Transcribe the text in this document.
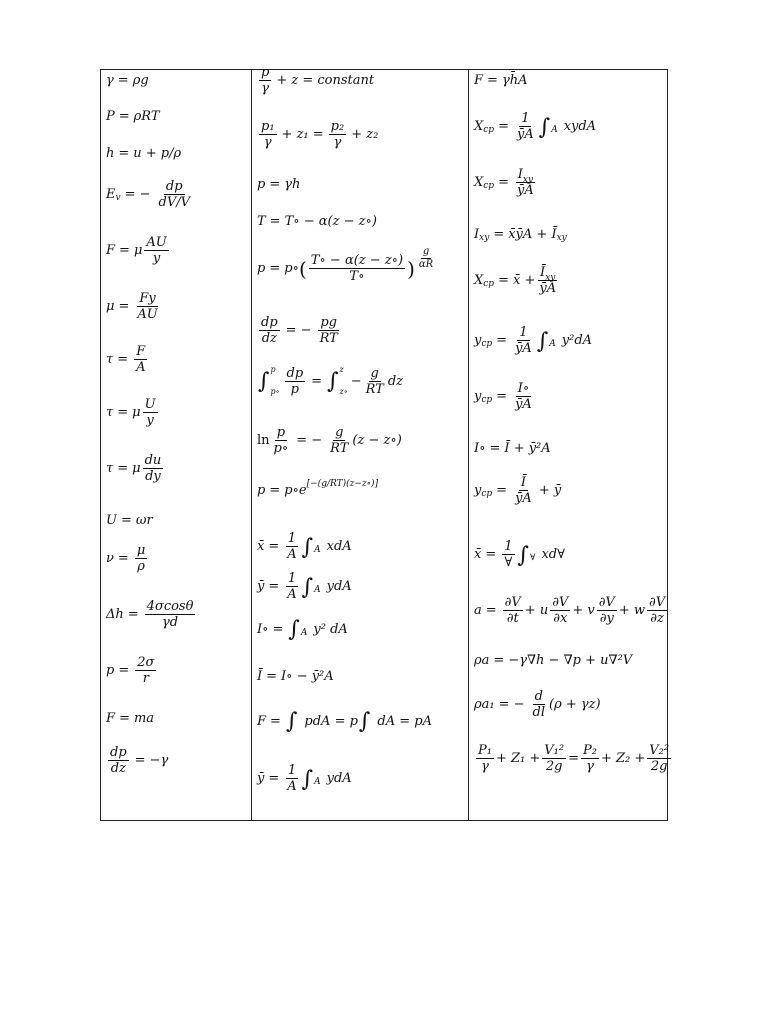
γ = ρg
P = ρRT
h = u + p/ρ
E v = − $\frac{dp}{dV/V}$
F = μ $\frac{AU}{y}$
$\mu = \frac{Fy}{AU}$
$\tau = \frac{F}{A}$
τ = μ $\frac{U}{y}$
τ = μ $\frac{du}{dy}$
U = ωr
$\nu = \frac{\mu}{\rho}$
$\Delta h = \frac{4\sigma\cos\theta}{\gamma d}$
$p = \frac{2\sigma}{r}$
F = ma
$\frac{dp}{dz} = -\gamma$
$\frac{p}{\gamma} + z$ = constant
$\frac{\text{p₁}}{\gamma} + z_1 = \frac{\text{p₂}}{\gamma} + z_2$
p = γh
T = T∘ − α(z − z∘)
p = p∘ ( $\frac{T\circ - \alpha(z - z\circ)}{T\circ}$ ) $\frac{g}{\alpha R}$
$\frac{dp}{dz}$ = − $\frac{pg}{RT}$
∫ p
p∘ $\frac{dp}{p}$ = ∫ z
z∘
− $\frac{g}{RT}$ dz
$\ln \frac{p}{p\circ}$ = − $\frac{g}{RT} (z$ − z∘)
p = p∘e [−(g/RT)(z−z∘)]
x̄ = $\frac{1}{A}$ ∫ A xdA
ȳ = $\frac{1}{A}$ ∫ A ydA
I∘ = ∫ A y² dA
Ī = I∘ − ȳ²A
F = ∫ pdA = p ∫ dA = pA
ȳ = $\frac{1}{A}$ ∫ A ydA
F = γh̄A
X cp = $\frac{1}{ȳA}$ ∫ A xydA
X cp = $\frac{I_{xy}}{ȳA}$
I xy = x̄ȳA + Ī xy
X cp = x̄ + $\frac{Ī_{xy}}{ȳA}$
y cp = $\frac{1}{ȳA}$ ∫ A y²dA
y cp = $\frac{I\circ}{ȳA}$
I∘ = Ī + ȳ²A
y cp = $\frac{Ī}{ȳA}$ + ȳ
x̄ = $\frac{1}{\forall}$ ∫ ∀ xd∀
$a = \frac{\partial V}{\partial t} + u \frac{\partial V}{\partial x} + v \frac{\partial V}{\partial y} + w \frac{\partial V}{\partial z}$
ρa = −γ∇h − ∇p + u∇²V
ρa₁ = − $\frac{d}{dl} (\rho + \gamma z)$
$\frac{\text{P₁}}{\gamma} + Z_1 + \frac{\text{V₁²}}{2g} = \frac{\text{P₂}}{\gamma} + Z_2 + \frac{\text{V₂²}}{2g}$
